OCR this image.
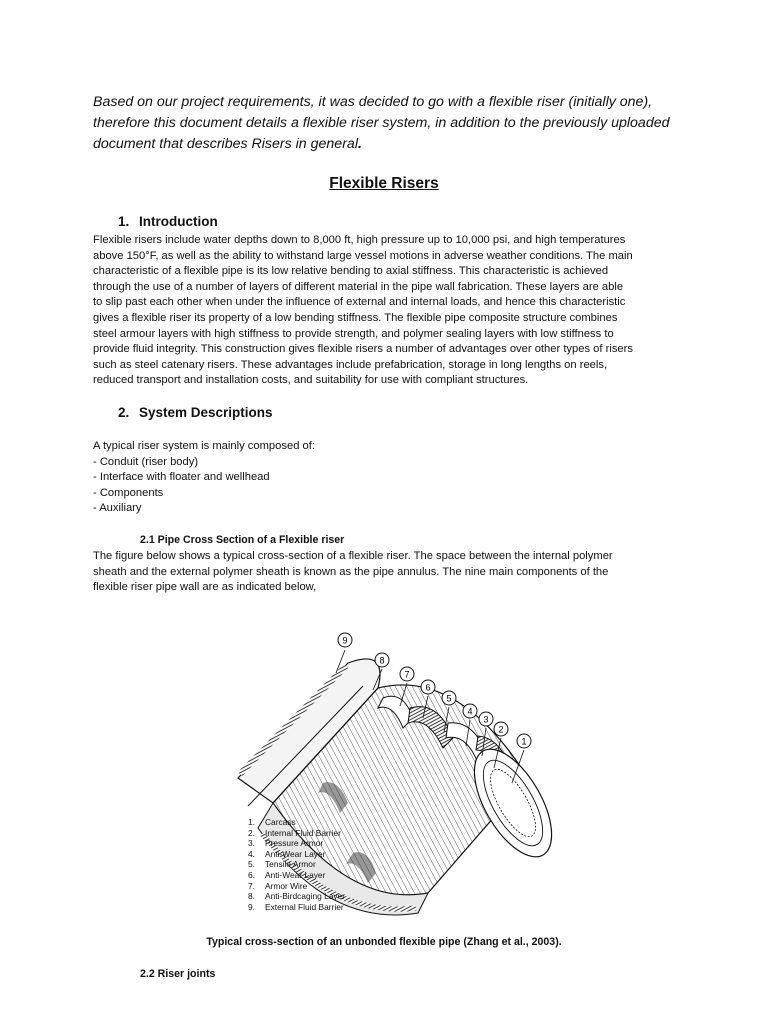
Based on our project requirements, it was decided to go with a flexible riser (initially one),
therefore this document details a flexible riser system, in addition to the previously uploaded
document that describes Risers in general.
Flexible Risers
1. Introduction
Flexible risers include water depths down to 8,000 ft, high pressure up to 10,000 psi, and high temperatures
above 150°F, as well as the ability to withstand large vessel motions in adverse weather conditions. The main
characteristic of a flexible pipe is its low relative bending to axial stiffness. This characteristic is achieved
through the use of a number of layers of different material in the pipe wall fabrication. These layers are able
to slip past each other when under the influence of external and internal loads, and hence this characteristic
gives a flexible riser its property of a low bending stiffness. The flexible pipe composite structure combines
steel armour layers with high stiffness to provide strength, and polymer sealing layers with low stiffness to
provide fluid integrity. This construction gives flexible risers a number of advantages over other types of risers
such as steel catenary risers. These advantages include prefabrication, storage in long lengths on reels,
reduced transport and installation costs, and suitability for use with compliant structures.
2. System Descriptions
A typical riser system is mainly composed of:
- Conduit (riser body)
- Interface with floater and wellhead
- Components
- Auxiliary
2.1 Pipe Cross Section of a Flexible riser
The figure below shows a typical cross-section of a flexible riser. The space between the internal polymer
sheath and the external polymer sheath is known as the pipe annulus. The nine main components of the
flexible riser pipe wall are as indicated below,
9
8
7
6
5
4
3
2
1
1.	Carcass
2.	Internal Fluid Barrier
3.	Pressure Armor
4.	Anti-Wear Layer
5.	Tensile Armor
6.	Anti-Wear Layer
7.	Armor Wire
8.	Anti-Birdcaging Layer
9.	External Fluid Barrier
Typical cross-section of an unbonded flexible pipe (Zhang et al., 2003).
2.2 Riser joints
